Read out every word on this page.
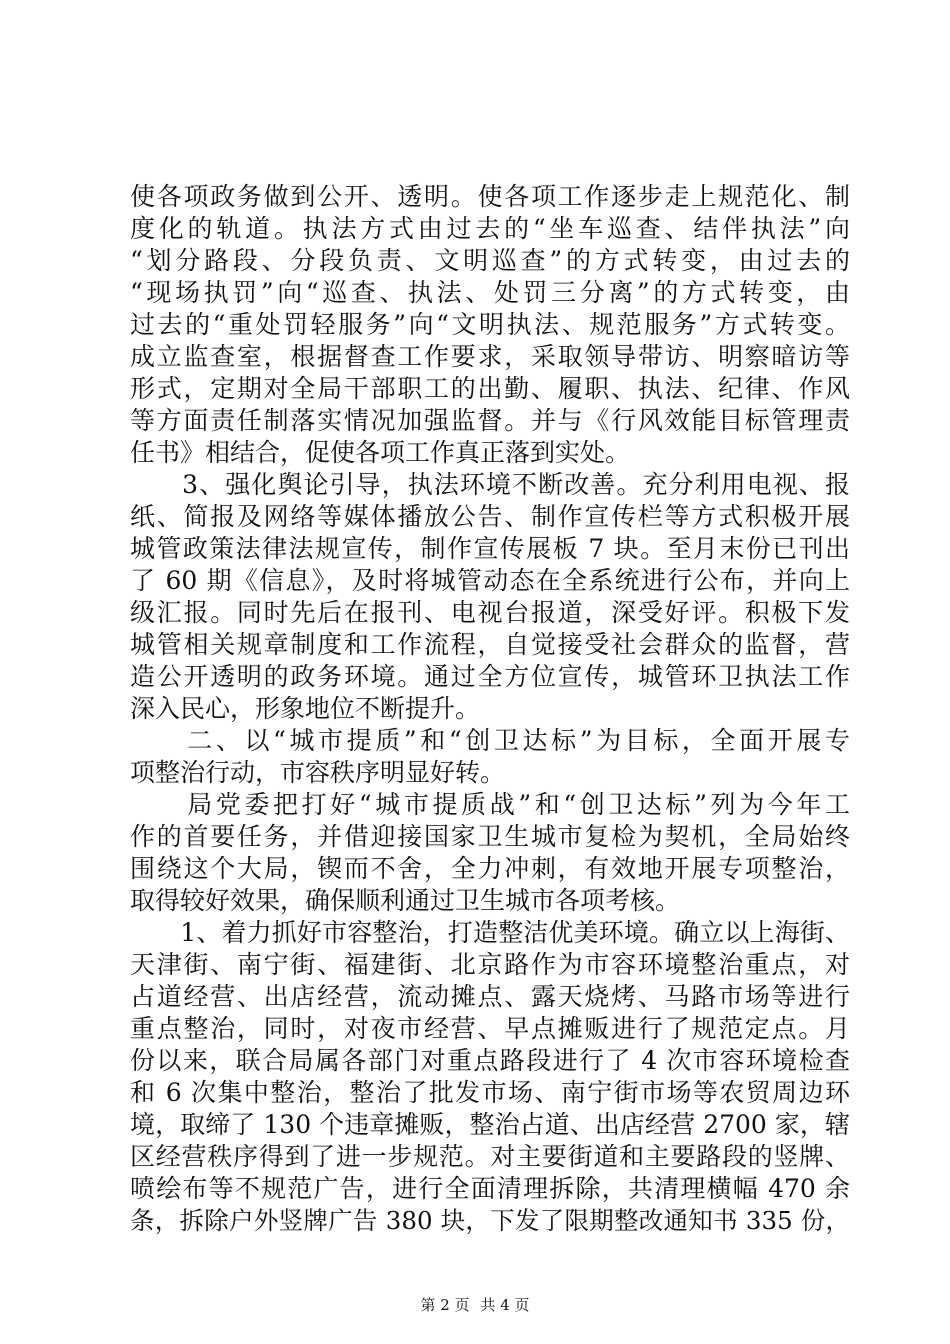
使各项政务做到公开、透明。使各项工作逐步走上规范化、制
度化的轨道。执法方式由过去的“坐车巡查、结伴执法”向
“划分路段、分段负责、文明巡查”的方式转变，由过去的
“现场执罚”向“巡查、执法、处罚三分离”的方式转变，由
过去的“重处罚轻服务”向“文明执法、规范服务”方式转变。
成立监查室，根据督查工作要求，采取领导带访、明察暗访等
形式，定期对全局干部职工的出勤、履职、执法、纪律、作风
等方面责任制落实情况加强监督。并与《行风效能目标管理责
任书》相结合，促使各项工作真正落到实处。
　　3、强化舆论引导，执法环境不断改善。充分利用电视、报
纸、简报及网络等媒体播放公告、制作宣传栏等方式积极开展
城管政策法律法规宣传，制作宣传展板 7 块。至月末份已刊出
了 60 期《信息》，及时将城管动态在全系统进行公布，并向上
级汇报。同时先后在报刊、电视台报道，深受好评。积极下发
城管相关规章制度和工作流程，自觉接受社会群众的监督，营
造公开透明的政务环境。通过全方位宣传，城管环卫执法工作
深入民心，形象地位不断提升。
　　二、以“城市提质”和“创卫达标”为目标，全面开展专
项整治行动，市容秩序明显好转。
　　局党委把打好“城市提质战”和“创卫达标”列为今年工
作的首要任务，并借迎接国家卫生城市复检为契机，全局始终
围绕这个大局，锲而不舍，全力冲刺，有效地开展专项整治，
取得较好效果，确保顺利通过卫生城市各项考核。
　　1、着力抓好市容整治，打造整洁优美环境。确立以上海街、
天津街、南宁街、福建街、北京路作为市容环境整治重点，对
占道经营、出店经营，流动摊点、露天烧烤、马路市场等进行
重点整治，同时，对夜市经营、早点摊贩进行了规范定点。月
份以来，联合局属各部门对重点路段进行了 4 次市容环境检查
和 6 次集中整治，整治了批发市场、南宁街市场等农贸周边环
境，取缔了 130 个违章摊贩，整治占道、出店经营 2700 家，辖
区经营秩序得到了进一步规范。对主要街道和主要路段的竖牌、
喷绘布等不规范广告，进行全面清理拆除，共清理横幅 470 余
条，拆除户外竖牌广告 380 块，下发了限期整改通知书 335 份，
第 2 页 共 4 页
